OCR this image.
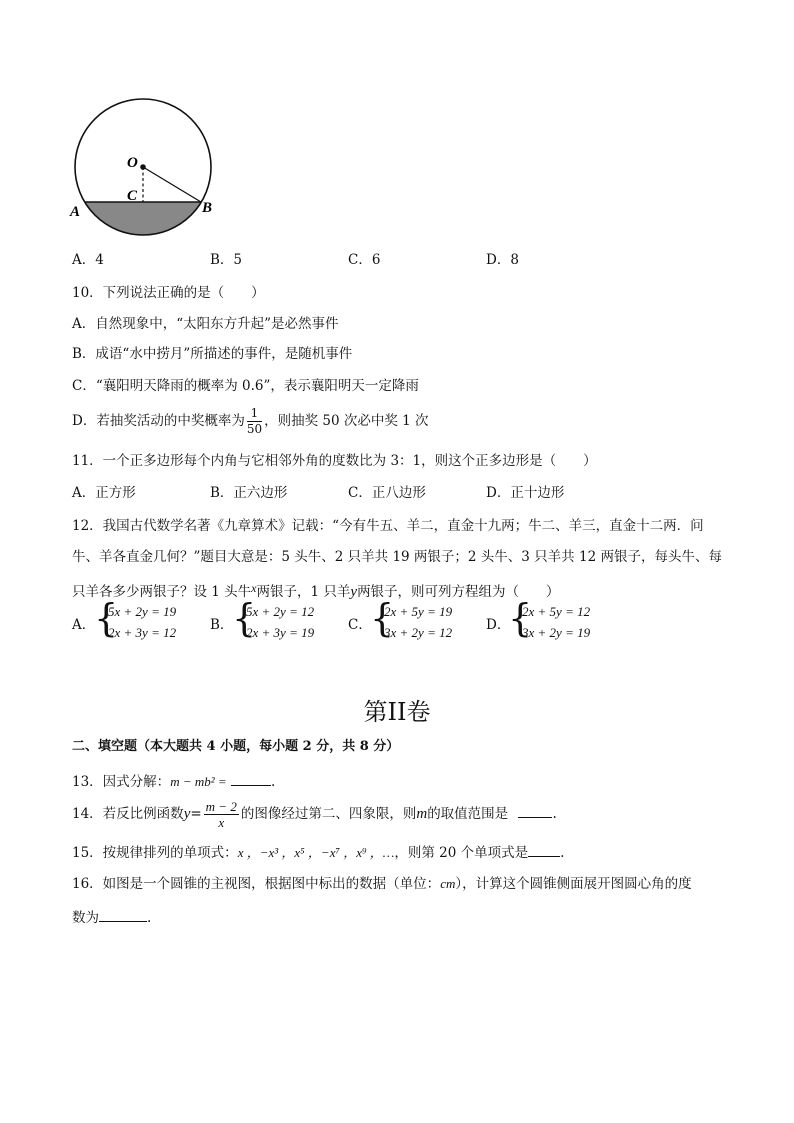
O
C
A	B
A．4	B．5	C．6	D．8
10．下列说法正确的是（　　）
A．自然现象中，“太阳东方升起”是必然事件
B．成语“水中捞月”所描述的事件，是随机事件
C．“襄阳明天降雨的概率为 0.6”，表示襄阳明天一定降雨
D．若抽奖活动的中奖概率为 $\frac{1}{50}$ ，则抽奖 50 次必中奖 1 次
11．一个正多边形每个内角与它相邻外角的度数比为 3：1，则这个正多边形是（　　）
A．正方形	B．正六边形	C．正八边形	D．正十边形
12．我国古代数学名著《九章算术》记载：“今有牛五、羊二，直金十九两；牛二、羊三，直金十二两．问
牛、羊各直金几何？”题目大意是：5 头牛、2 只羊共 19 两银子；2 头牛、3 只羊共 12 两银子，每头牛、每
只羊各多少两银子？设 1 头牛x两银子，1 只羊y两银子，则可列方程组为（　　）
A．
{
5x + 2y = 19
2x + 3y = 12	B．
{
5x + 2y = 12
2x + 3y = 19	C．
{
2x + 5y = 19
3x + 2y = 12	D．
{
2x + 5y = 12
3x + 2y = 19
第II卷
二、填空题（本大题共 4 小题，每小题 2 分，共 8 分）
13．因式分解：m − mb² =	.
14．若反比例函数$y= \frac{m - 2}{x}$ 的图像经过第二、四象限，则m的取值范围是	.
15．按规律排列的单项式：x ，−x³ ，x⁵ ，−x⁷ ，x⁹ ，…，则第 20 个单项式是 .
16．如图是一个圆锥的主视图，根据图中标出的数据（单位：cm），计算这个圆锥侧面展开图圆心角的度
数为	.
